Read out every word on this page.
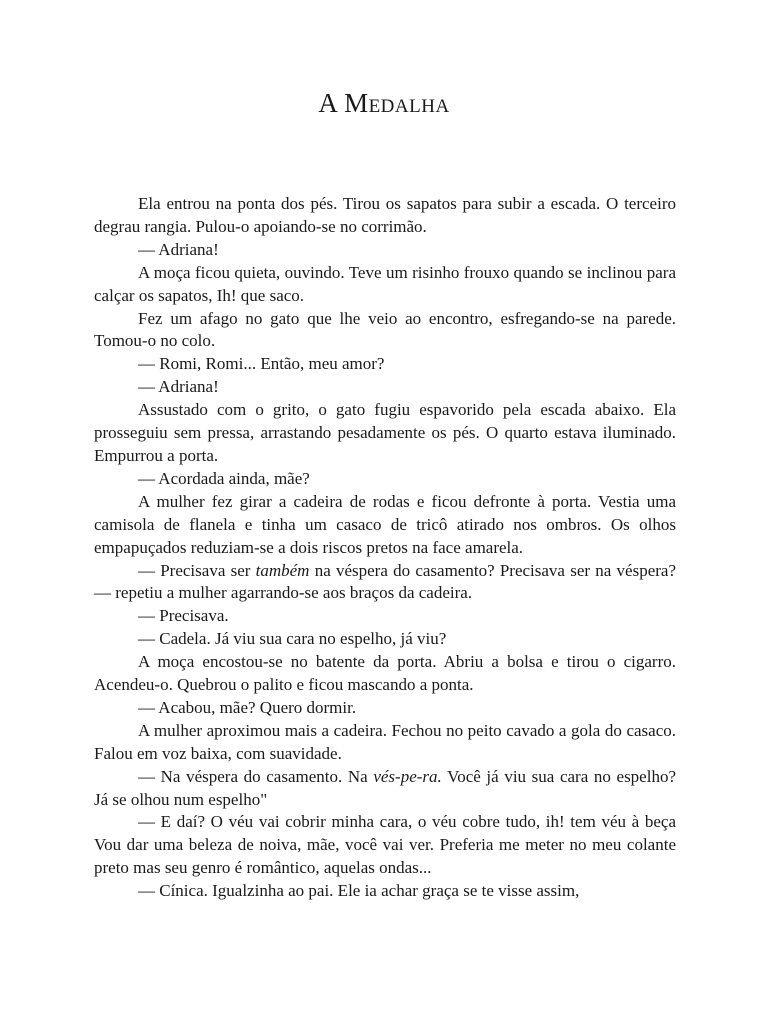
A Medalha

Ela entrou na ponta dos pés. Tirou os sapatos para subir a escada. O terceiro degrau rangia. Pulou-o apoiando-se no corrimão.

— Adriana!

A moça ficou quieta, ouvindo. Teve um risinho frouxo quando se inclinou para calçar os sapatos, Ih! que saco.

Fez um afago no gato que lhe veio ao encontro, esfregando-se na parede. Tomou-o no colo.

— Romi, Romi... Então, meu amor?

— Adriana!

Assustado com o grito, o gato fugiu espavorido pela escada abaixo. Ela prosseguiu sem pressa, arrastando pesadamente os pés. O quarto estava iluminado. Empurrou a porta.

— Acordada ainda, mãe?

A mulher fez girar a cadeira de rodas e ficou defronte à porta. Vestia uma camisola de flanela e tinha um casaco de tricô atirado nos ombros. Os olhos empapuçados reduziam-se a dois riscos pretos na face amarela.

— Precisava ser também na véspera do casamento? Precisava ser na véspera? — repetiu a mulher agarrando-se aos braços da cadeira.

— Precisava.

— Cadela. Já viu sua cara no espelho, já viu?

A moça encostou-se no batente da porta. Abriu a bolsa e tirou o cigarro. Acendeu-o. Quebrou o palito e ficou mascando a ponta.

— Acabou, mãe? Quero dormir.

A mulher aproximou mais a cadeira. Fechou no peito cavado a gola do casaco. Falou em voz baixa, com suavidade.

— Na véspera do casamento. Na vés-pe-ra. Você já viu sua cara no espelho? Já se olhou num espelho"

— E daí? O véu vai cobrir minha cara, o véu cobre tudo, ih! tem véu à beça Vou dar uma beleza de noiva, mãe, você vai ver. Preferia me meter no meu colante preto mas seu genro é romântico, aquelas ondas...

— Cínica. Igualzinha ao pai. Ele ia achar graça se te visse assim,
